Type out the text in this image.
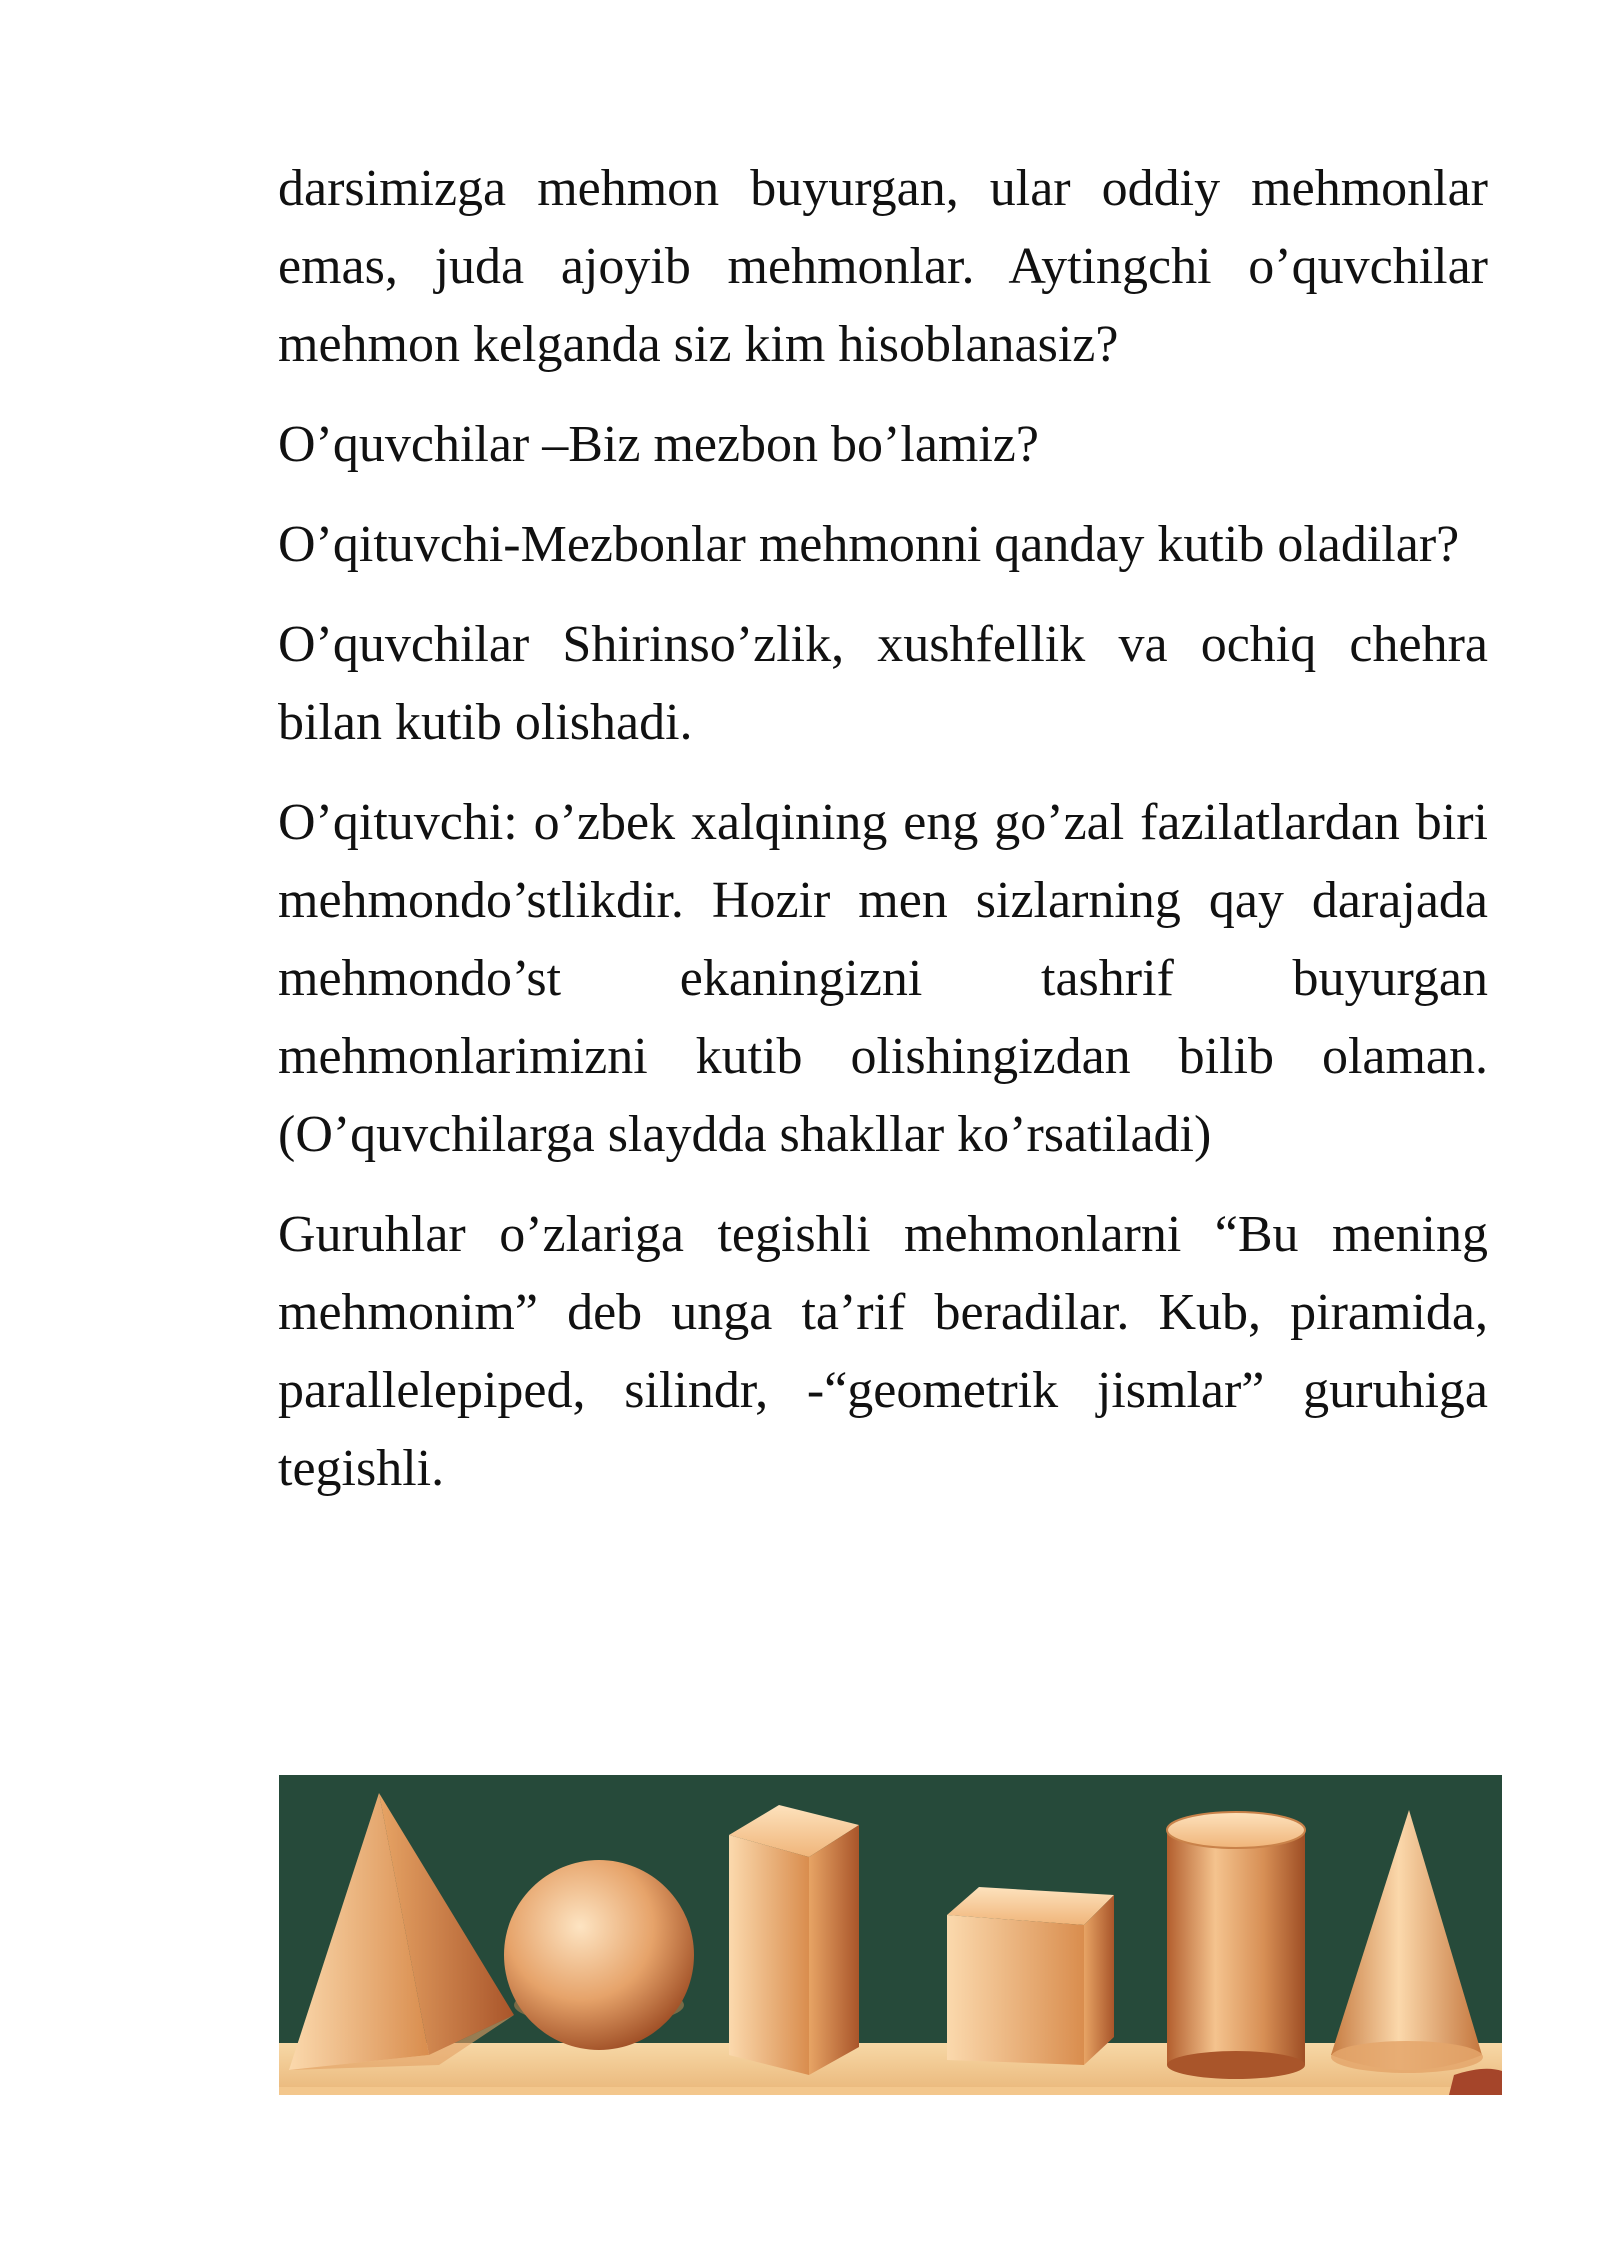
darsimizga mehmon buyurgan, ular oddiy mehmonlar emas, juda ajoyib mehmonlar. Aytingchi o’quvchilar mehmon kelganda siz kim hisoblanasiz?

O’quvchilar –Biz mezbon bo’lamiz?

O’qituvchi-Mezbonlar mehmonni qanday kutib oladilar?

O’quvchilar Shirinso’zlik, xushfellik va ochiq chehra bilan kutib olishadi.

O’qituvchi: o’zbek xalqining eng go’zal fazilatlardan biri mehmondo’stlikdir. Hozir men sizlarning qay darajada mehmondo’st ekaningizni tashrif buyurgan mehmonlarimizni kutib olishingizdan bilib olaman. (O’quvchilarga slaydda shakllar ko’rsatiladi)

Guruhlar o’zlariga tegishli mehmonlarni “Bu mening mehmonim” deb unga ta’rif beradilar. Kub, piramida, parallelepiped, silindr, -“geometrik jismlar” guruhiga tegishli.
